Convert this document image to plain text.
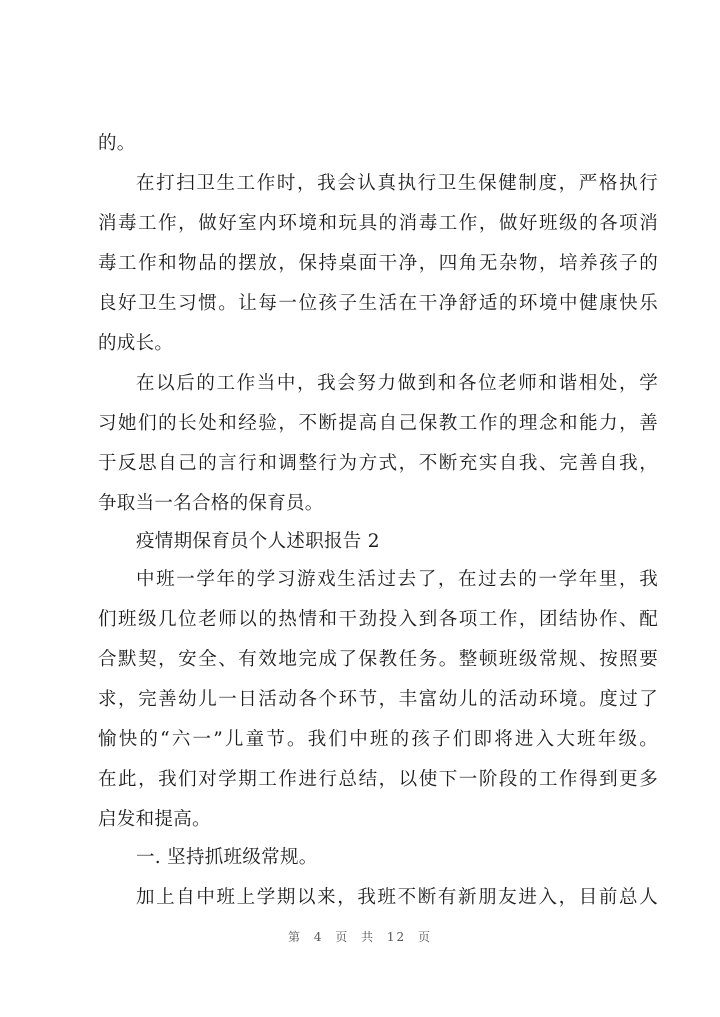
的。
在打扫卫生工作时，我会认真执行卫生保健制度，严格执行
消毒工作，做好室内环境和玩具的消毒工作，做好班级的各项消
毒工作和物品的摆放，保持桌面干净，四角无杂物，培养孩子的
良好卫生习惯。让每一位孩子生活在干净舒适的环境中健康快乐
的成长。
在以后的工作当中，我会努力做到和各位老师和谐相处，学
习她们的长处和经验，不断提高自己保教工作的理念和能力，善
于反思自己的言行和调整行为方式，不断充实自我、完善自我，
争取当一名合格的保育员。
疫情期保育员个人述职报告 2
中班一学年的学习游戏生活过去了，在过去的一学年里，我
们班级几位老师以的热情和干劲投入到各项工作，团结协作、配
合默契，安全、有效地完成了保教任务。整顿班级常规、按照要
求，完善幼儿一日活动各个环节，丰富幼儿的活动环境。度过了
愉快的“六一”儿童节。我们中班的孩子们即将进入大班年级。
在此，我们对学期工作进行总结，以使下一阶段的工作得到更多
启发和提高。
一. 坚持抓班级常规。
加上自中班上学期以来，我班不断有新朋友进入，目前总人
第 4 页 共 12 页
